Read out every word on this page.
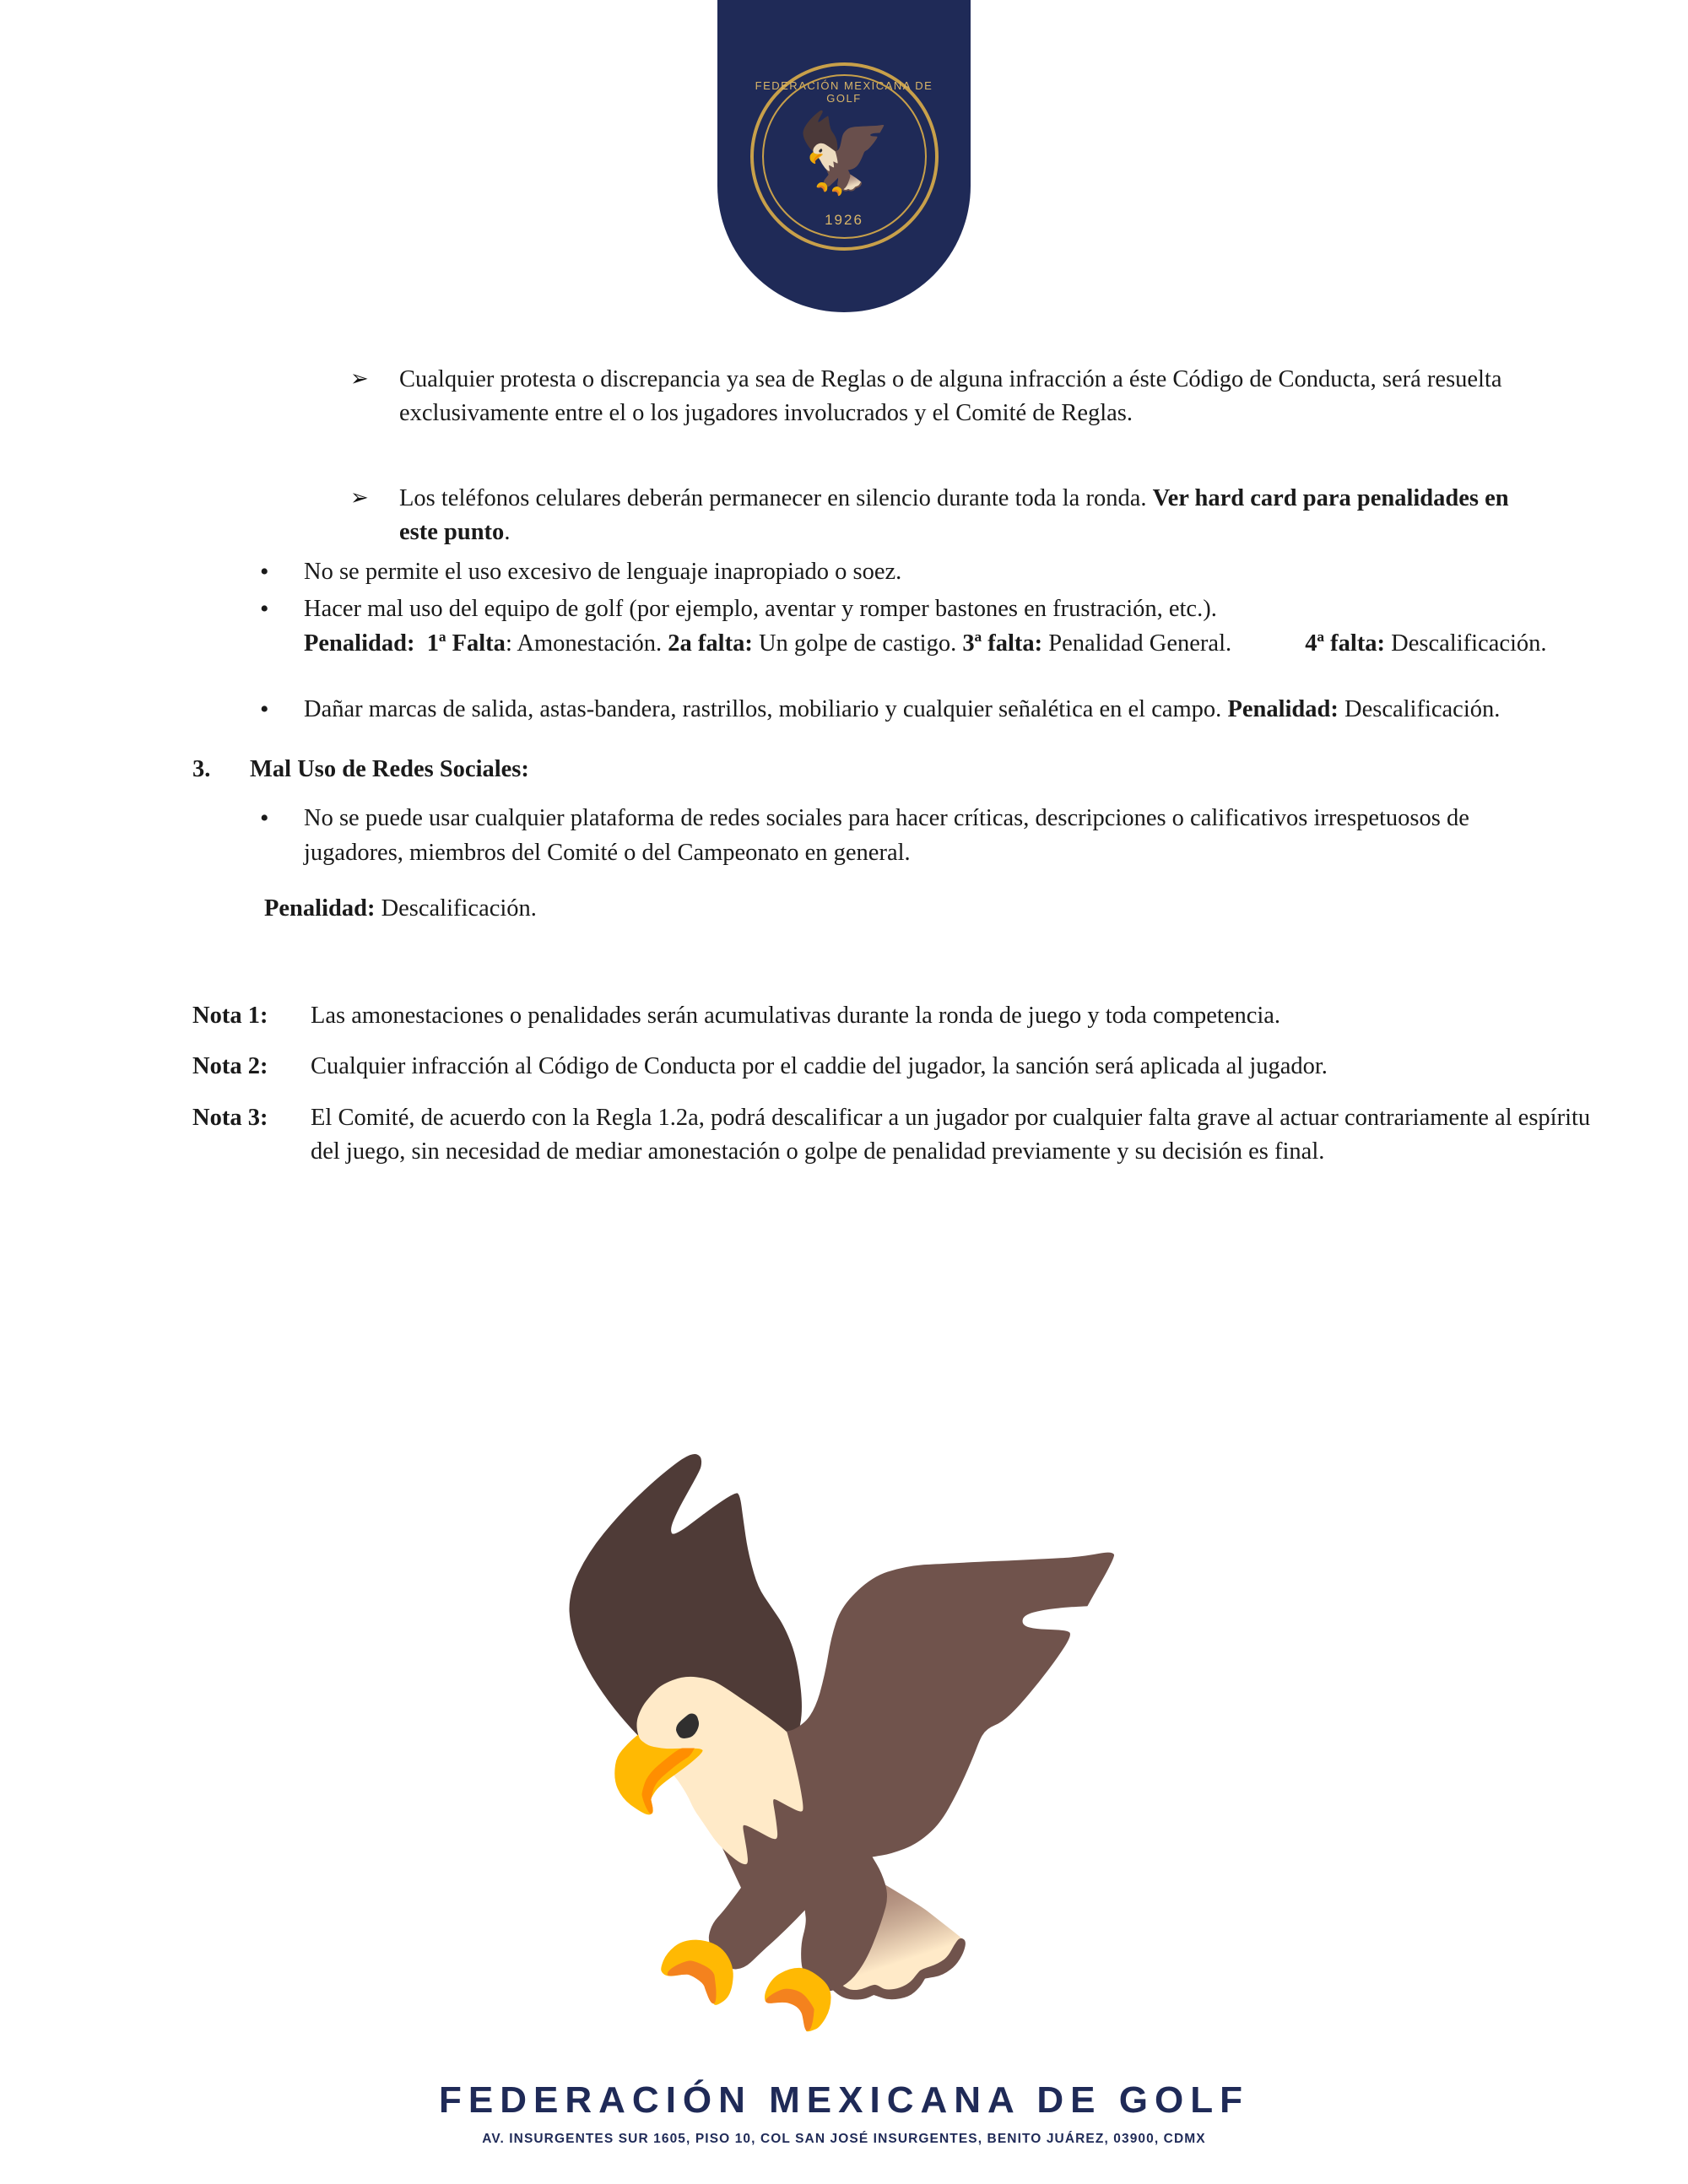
FEDERACIÓN MEXICANA DE GOLF
🦅
1926
🦅
➢	Cualquier protesta o discrepancia ya sea de Reglas o de alguna infracción a éste Código de Conducta, será resuelta exclusivamente entre el o los jugadores involucrados y el Comité de Reglas.
➢	Los teléfonos celulares deberán permanecer en silencio durante toda la ronda. Ver hard card para penalidades en este punto.
•	No se permite el uso excesivo de lenguaje inapropiado o soez.
•	Hacer mal uso del equipo de golf (por ejemplo, aventar y romper bastones en frustración, etc.).
Penalidad: 1ª Falta: Amonestación. 2a falta: Un golpe de castigo. 3ª falta: Penalidad General.	4ª falta: Descalificación.
•	Dañar marcas de salida, astas-bandera, rastrillos, mobiliario y cualquier señalética en el campo. Penalidad: Descalificación.
3.	Mal Uso de Redes Sociales:
•	No se puede usar cualquier plataforma de redes sociales para hacer críticas, descripciones o calificativos irrespetuosos de jugadores, miembros del Comité o del Campeonato en general.
Penalidad: Descalificación.
Nota 1:	Las amonestaciones o penalidades serán acumulativas durante la ronda de juego y toda competencia.
Nota 2:	Cualquier infracción al Código de Conducta por el caddie del jugador, la sanción será aplicada al jugador.
Nota 3:	El Comité, de acuerdo con la Regla 1.2a, podrá descalificar a un jugador por cualquier falta grave al actuar contrariamente al espíritu del juego, sin necesidad de mediar amonestación o golpe de penalidad previamente y su decisión es final.
FEDERACIÓN MEXICANA DE GOLF
AV. INSURGENTES SUR 1605, PISO 10, COL SAN JOSÉ INSURGENTES, BENITO JUÁREZ, 03900, CDMX
